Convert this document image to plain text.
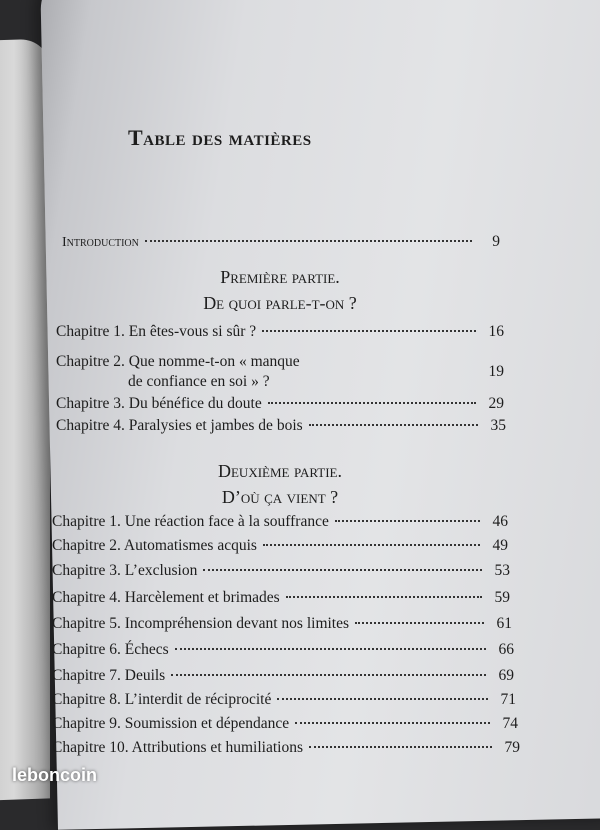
Table des matières
Introduction	9
Première partie.
De quoi parle-t-on ?
Chapitre 1. En êtes-vous si sûr ?	16
Chapitre 2. Que nomme-t-on « manque
de confiance en soi » ?
19
Chapitre 3. Du bénéfice du doute	29
Chapitre 4. Paralysies et jambes de bois	35
Deuxième partie.
D’où ça vient ?
Chapitre 1. Une réaction face à la souffrance	46
Chapitre 2. Automatismes acquis	49
Chapitre 3. L’exclusion	53
Chapitre 4. Harcèlement et brimades	59
Chapitre 5. Incompréhension devant nos limites	61
Chapitre 6. Échecs	66
Chapitre 7. Deuils	69
Chapitre 8. L’interdit de réciprocité	71
Chapitre 9. Soumission et dépendance	74
Chapitre 10. Attributions et humiliations	79
leboncoin
